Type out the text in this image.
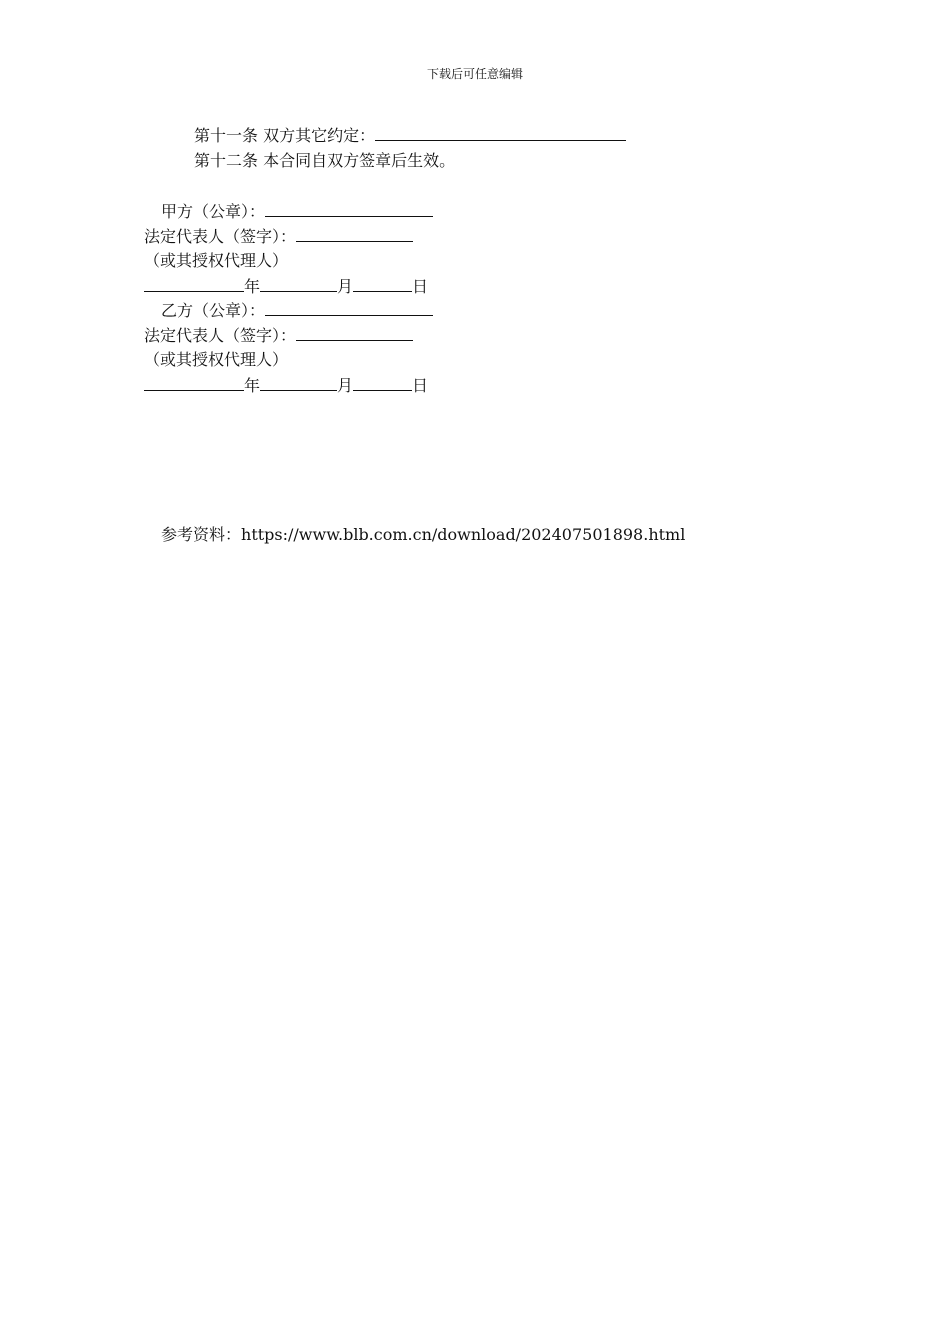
下载后可任意编辑
第十一条 双方其它约定：
第十二条 本合同自双方签章后生效。
甲方（公章）：
法定代表人（签字）：
（或其授权代理人）
年	月	日
乙方（公章）：
法定代表人（签字）：
（或其授权代理人）
年	月	日
参考资料：https://www.blb.com.cn/download/202407501898.html
